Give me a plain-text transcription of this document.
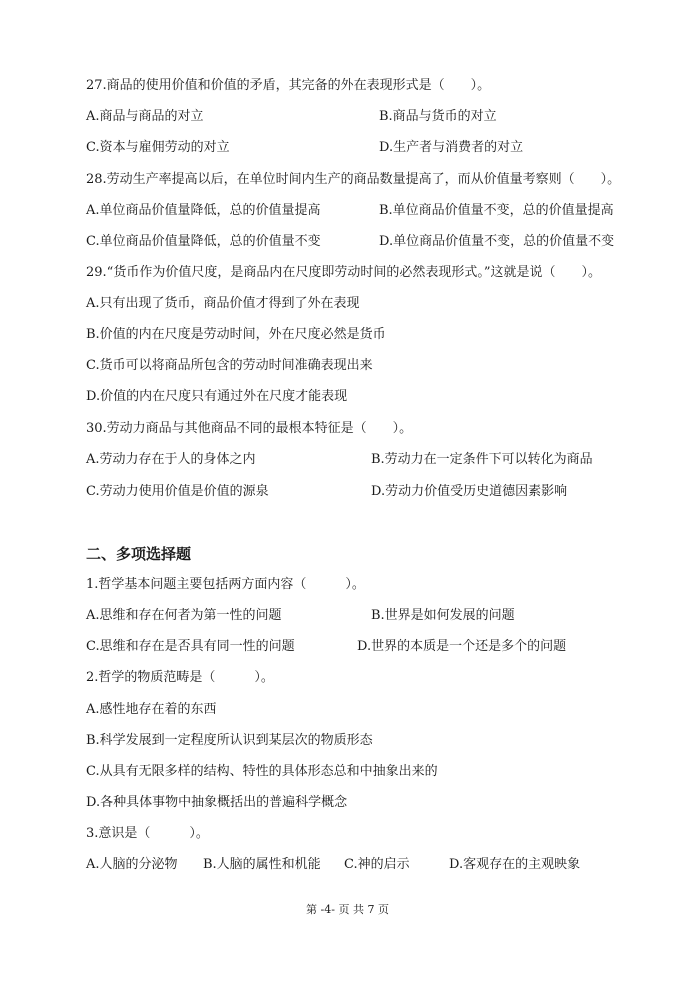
27.商品的使用价值和价值的矛盾，其完备的外在表现形式是（　　）。
A.商品与商品的对立	B.商品与货币的对立
C.资本与雇佣劳动的对立	D.生产者与消费者的对立
28.劳动生产率提高以后，在单位时间内生产的商品数量提高了，而从价值量考察则（　　）。
A.单位商品价值量降低，总的价值量提高	B.单位商品价值量不变，总的价值量提高
C.单位商品价值量降低，总的价值量不变	D.单位商品价值量不变，总的价值量不变
29.“货币作为价值尺度，是商品内在尺度即劳动时间的必然表现形式。”这就是说（　　）。
A.只有出现了货币，商品价值才得到了外在表现
B.价值的内在尺度是劳动时间，外在尺度必然是货币
C.货币可以将商品所包含的劳动时间准确表现出来
D.价值的内在尺度只有通过外在尺度才能表现
30.劳动力商品与其他商品不同的最根本特征是（　　）。
A.劳动力存在于人的身体之内	B.劳动力在一定条件下可以转化为商品
C.劳动力使用价值是价值的源泉	D.劳动力价值受历史道德因素影响
二、多项选择题
1.哲学基本问题主要包括两方面内容（　　　）。
A.思维和存在何者为第一性的问题	B.世界是如何发展的问题
C.思维和存在是否具有同一性的问题	D.世界的本质是一个还是多个的问题
2.哲学的物质范畴是（　　　）。
A.感性地存在着的东西
B.科学发展到一定程度所认识到某层次的物质形态
C.从具有无限多样的结构、特性的具体形态总和中抽象出来的
D.各种具体事物中抽象概括出的普遍科学概念
3.意识是（　　　）。
A.人脑的分泌物 B.人脑的属性和机能 C.神的启示	D.客观存在的主观映象
第 -4- 页 共 7 页
